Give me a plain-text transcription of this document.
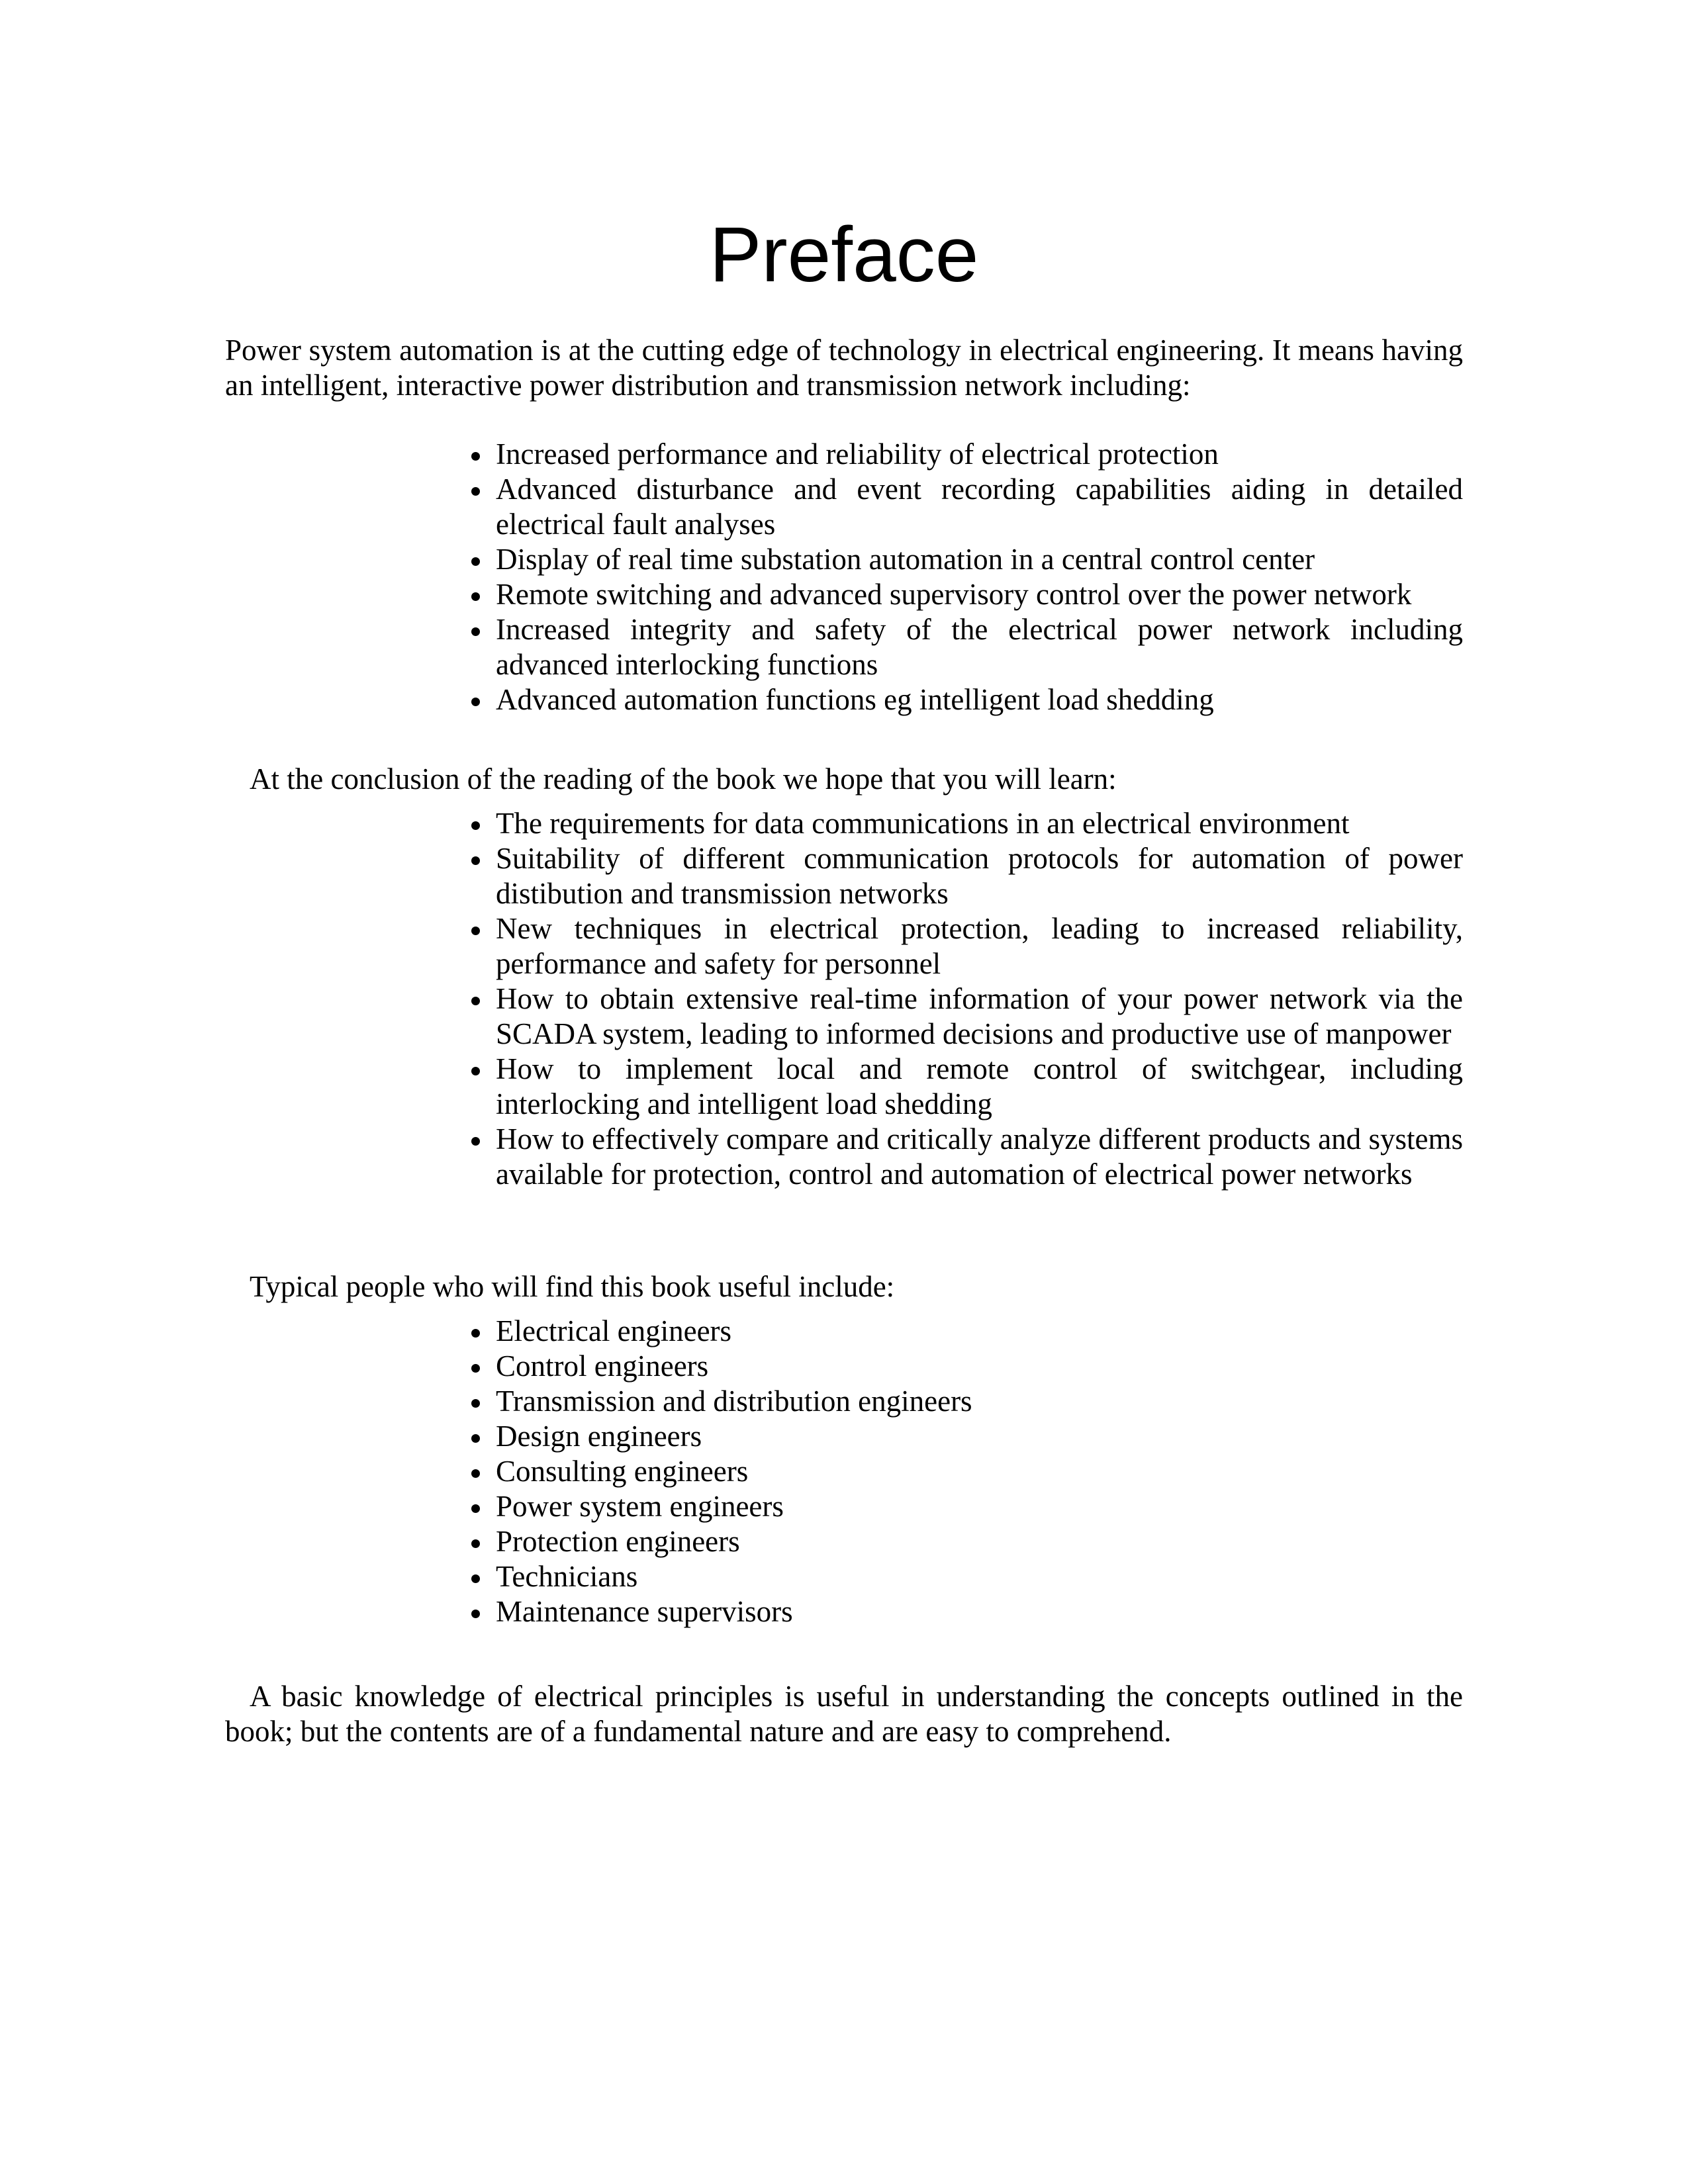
Preface

Power system automation is at the cutting edge of technology in electrical engineering. It means having an intelligent, interactive power distribution and transmission network including:

Increased performance and reliability of electrical protection
Advanced disturbance and event recording capabilities aiding in detailed electrical fault analyses
Display of real time substation automation in a central control center
Remote switching and advanced supervisory control over the power network
Increased integrity and safety of the electrical power network including advanced interlocking functions
Advanced automation functions eg intelligent load shedding

At the conclusion of the reading of the book we hope that you will learn:

The requirements for data communications in an electrical environment
Suitability of different communication protocols for automation of power distibution and transmission networks
New techniques in electrical protection, leading to increased reliability, performance and safety for personnel
How to obtain extensive real-time information of your power network via the SCADA system, leading to informed decisions and productive use of manpower
How to implement local and remote control of switchgear, including interlocking and intelligent load shedding
How to effectively compare and critically analyze different products and systems available for protection, control and automation of electrical power networks

Typical people who will find this book useful include:

Electrical engineers
Control engineers
Transmission and distribution engineers
Design engineers
Consulting engineers
Power system engineers
Protection engineers
Technicians
Maintenance supervisors

A basic knowledge of electrical principles is useful in understanding the concepts outlined in the book; but the contents are of a fundamental nature and are easy to comprehend.
